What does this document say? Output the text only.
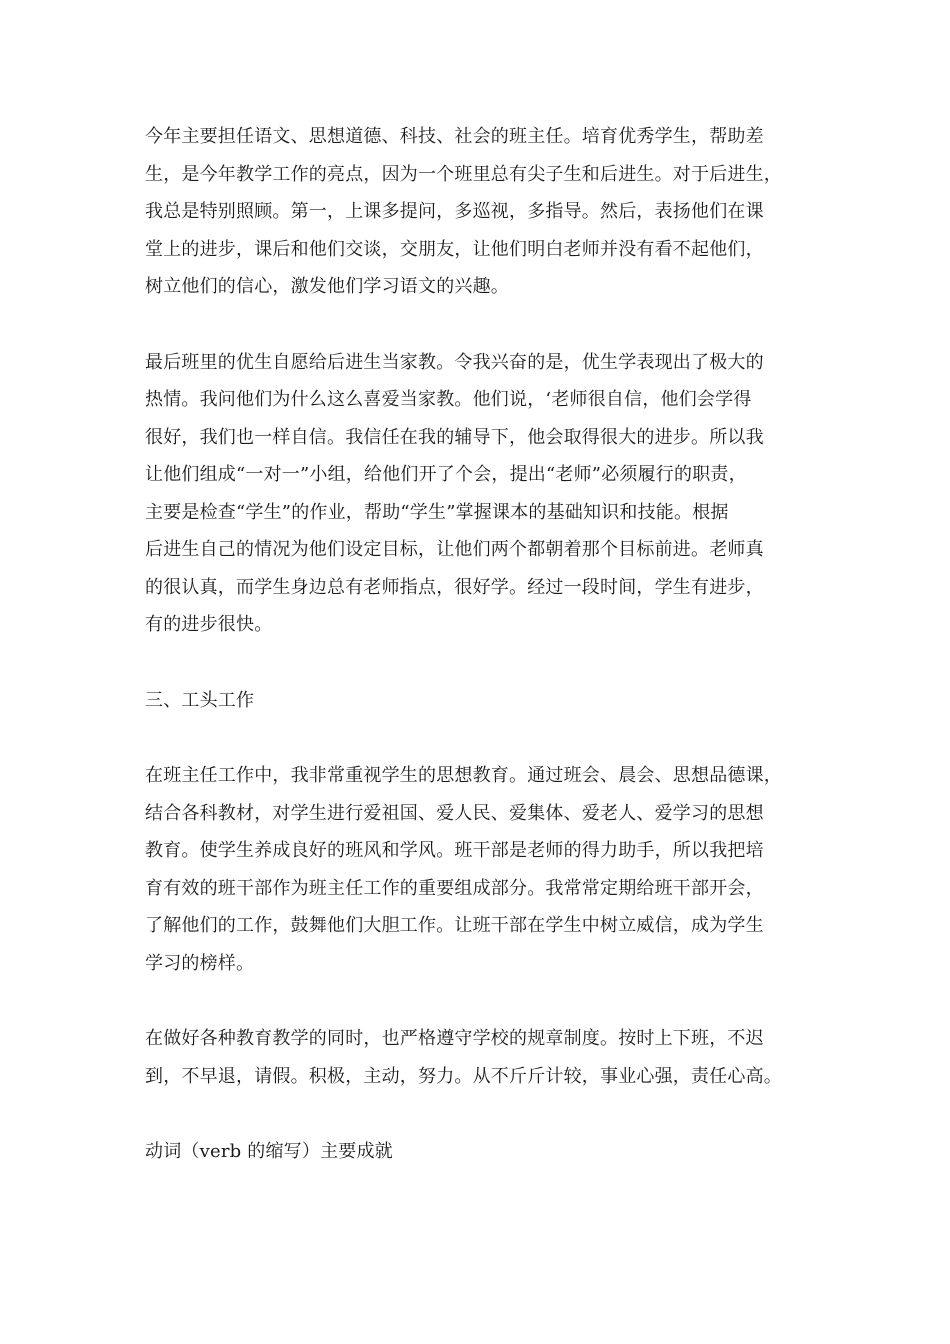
今年主要担任语文、思想道德、科技、社会的班主任。培育优秀学生，帮助差
生，是今年教学工作的亮点，因为一个班里总有尖子生和后进生。对于后进生，
我总是特别照顾。第一，上课多提问，多巡视，多指导。然后，表扬他们在课
堂上的进步，课后和他们交谈，交朋友，让他们明白老师并没有看不起他们，
树立他们的信心，激发他们学习语文的兴趣。
最后班里的优生自愿给后进生当家教。令我兴奋的是，优生学表现出了极大的
热情。我问他们为什么这么喜爱当家教。他们说，‘老师很自信，他们会学得
很好，我们也一样自信。我信任在我的辅导下，他会取得很大的进步。所以我
让他们组成“一对一”小组，给他们开了个会，提出“老师”必须履行的职责，
主要是检查“学生”的作业，帮助“学生”掌握课本的基础知识和技能。根据
后进生自己的情况为他们设定目标，让他们两个都朝着那个目标前进。老师真
的很认真，而学生身边总有老师指点，很好学。经过一段时间，学生有进步，
有的进步很快。
三、工头工作
在班主任工作中，我非常重视学生的思想教育。通过班会、晨会、思想品德课，
结合各科教材，对学生进行爱祖国、爱人民、爱集体、爱老人、爱学习的思想
教育。使学生养成良好的班风和学风。班干部是老师的得力助手，所以我把培
育有效的班干部作为班主任工作的重要组成部分。我常常定期给班干部开会，
了解他们的工作，鼓舞他们大胆工作。让班干部在学生中树立威信，成为学生
学习的榜样。
在做好各种教育教学的同时，也严格遵守学校的规章制度。按时上下班，不迟
到，不早退，请假。积极，主动，努力。从不斤斤计较，事业心强，责任心高。
动词（verb 的缩写）主要成就
